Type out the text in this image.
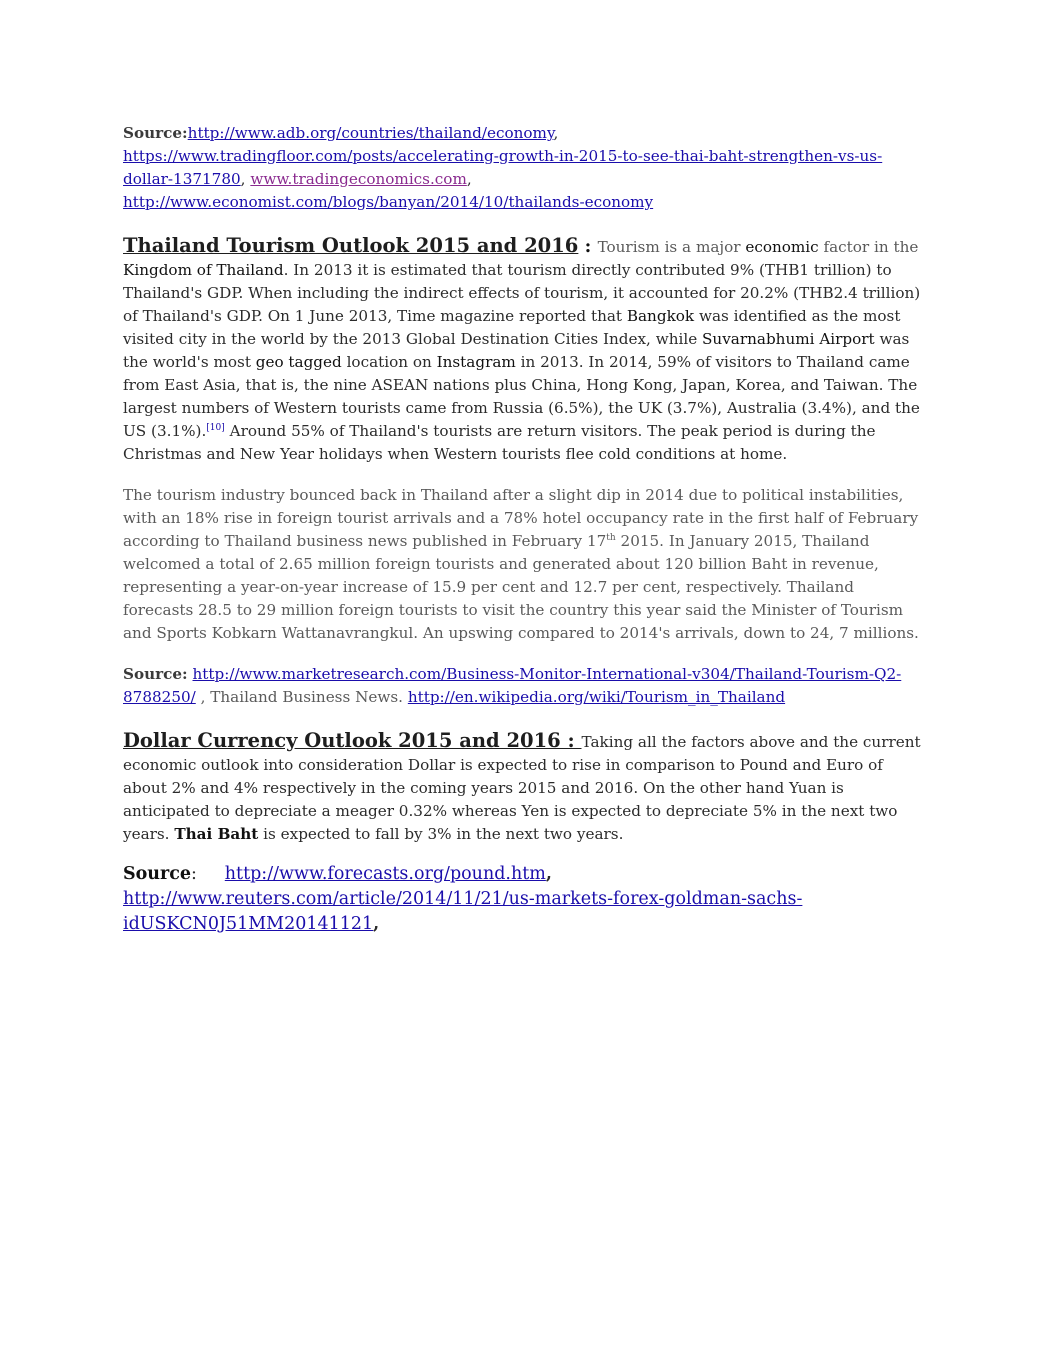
Source:http://www.adb.org/countries/thailand/economy, https://www.tradingfloor.com/posts/accelerating-growth-in-2015-to-see-thai-baht-strengthen-vs-us-dollar-1371780, www.tradingeconomics.com, http://www.economist.com/blogs/banyan/2014/10/thailands-economy

Thailand Tourism Outlook 2015 and 2016 : Tourism is a major economic factor in the Kingdom of Thailand. In 2013 it is estimated that tourism directly contributed 9% (THB1 trillion) to Thailand's GDP. When including the indirect effects of tourism, it accounted for 20.2% (THB2.4 trillion) of Thailand's GDP. On 1 June 2013, Time magazine reported that Bangkok was identified as the most visited city in the world by the 2013 Global Destination Cities Index, while Suvarnabhumi Airport was the world's most geo tagged location on Instagram in 2013. In 2014, 59% of visitors to Thailand came from East Asia, that is, the nine ASEAN nations plus China, Hong Kong, Japan, Korea, and Taiwan. The largest numbers of Western tourists came from Russia (6.5%), the UK (3.7%), Australia (3.4%), and the US (3.1%).[10] Around 55% of Thailand's tourists are return visitors. The peak period is during the Christmas and New Year holidays when Western tourists flee cold conditions at home.

The tourism industry bounced back in Thailand after a slight dip in 2014 due to political instabilities, with an 18% rise in foreign tourist arrivals and a 78% hotel occupancy rate in the first half of February according to Thailand business news published in February 17th 2015. In January 2015, Thailand welcomed a total of 2.65 million foreign tourists and generated about 120 billion Baht in revenue, representing a year-on-year increase of 15.9 per cent and 12.7 per cent, respectively. Thailand forecasts 28.5 to 29 million foreign tourists to visit the country this year said the Minister of Tourism and Sports Kobkarn Wattanavrangkul. An upswing compared to 2014's arrivals, down to 24, 7 millions.

Source: http://www.marketresearch.com/Business-Monitor-International-v304/Thailand-Tourism-Q2-8788250/ , Thailand Business News. http://en.wikipedia.org/wiki/Tourism_in_Thailand

Dollar Currency Outlook 2015 and 2016 : Taking all the factors above and the current economic outlook into consideration Dollar is expected to rise in comparison to Pound and Euro of about 2% and 4% respectively in the coming years 2015 and 2016. On the other hand Yuan is anticipated to depreciate a meager 0.32% whereas Yen is expected to depreciate 5% in the next two years. Thai Baht is expected to fall by 3% in the next two years.

Source:     http://www.forecasts.org/pound.htm,
http://www.reuters.com/article/2014/11/21/us-markets-forex-goldman-sachs-idUSKCN0J51MM20141121,
